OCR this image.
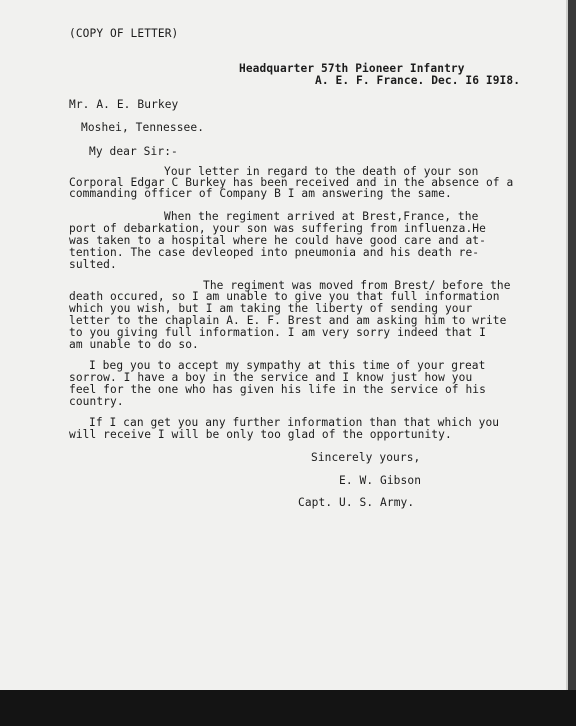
(COPY OF LETTER)
Headquarter 57th Pioneer Infantry
A. E. F. France. Dec. I6 I9I8.
Mr. A. E. Burkey
Moshei, Tennessee.
My dear Sir:-
Your letter in regard to the death of your son
Corporal Edgar C Burkey has been received and in the absence of a
commanding officer of Company B I am answering the same.
When the regiment arrived at Brest,France, the
port of debarkation, your son was suffering from influenza.He
was taken to a hospital where he could have good care and at-
tention. The case devleoped into pneumonia and his death re-
sulted.
The regiment was moved from Brest/ before the
death occured, so I am unable to give you that full information
which you wish, but I am taking the liberty of sending your
letter to the chaplain A. E. F. Brest and am asking him to write
to you giving full information. I am very sorry indeed that I
am unable to do so.
I beg you to accept my sympathy at this time of your great
sorrow. I have a boy in the service and I know just how you
feel for the one who has given his life in the service of his
country.
If I can get you any further information than that which you
will receive I will be only too glad of the opportunity.
Sincerely yours,
E. W. Gibson
Capt. U. S. Army.
